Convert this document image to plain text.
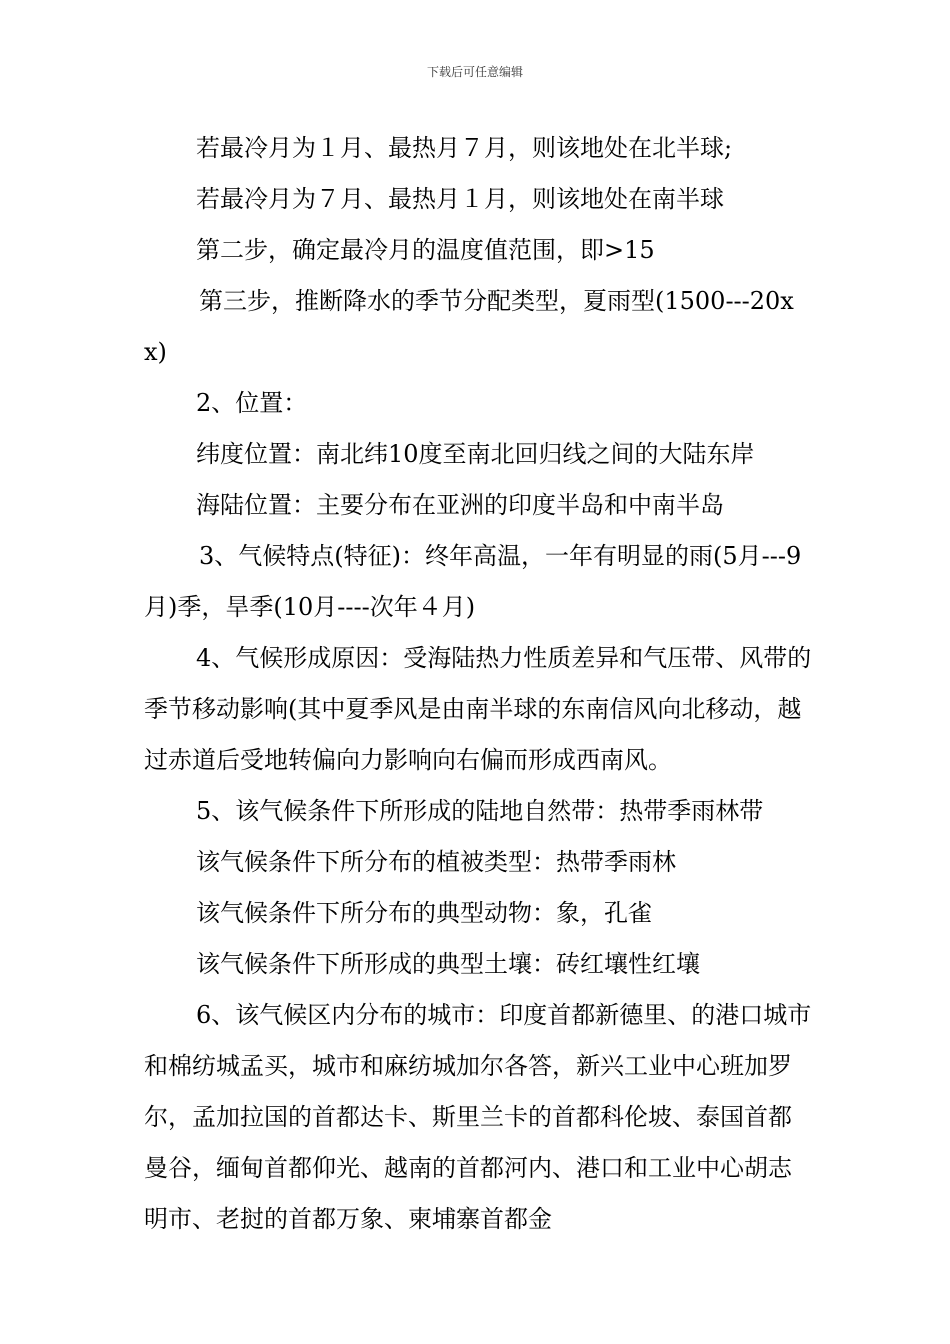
下载后可任意编辑

若最冷月为１月、最热月７月，则该地处在北半球;

若最冷月为７月、最热月１月，则该地处在南半球

第二步，确定最冷月的温度值范围，即>15

第三步，推断降水的季节分配类型，夏雨型(1500---20xx)

2、位置：

纬度位置：南北纬10度至南北回归线之间的大陆东岸

海陆位置：主要分布在亚洲的印度半岛和中南半岛

3、气候特点(特征)：终年高温，一年有明显的雨(5月---9月)季，旱季(10月----次年４月)

4、气候形成原因：受海陆热力性质差异和气压带、风带的季节移动影响(其中夏季风是由南半球的东南信风向北移动，越过赤道后受地转偏向力影响向右偏而形成西南风。

5、该气候条件下所形成的陆地自然带：热带季雨林带

该气候条件下所分布的植被类型：热带季雨林

该气候条件下所分布的典型动物：象，孔雀

该气候条件下所形成的典型土壤：砖红壤性红壤

6、该气候区内分布的城市：印度首都新德里、的港口城市和棉纺城孟买，城市和麻纺城加尔各答，新兴工业中心班加罗尔，孟加拉国的首都达卡、斯里兰卡的首都科伦坡、泰国首都曼谷，缅甸首都仰光、越南的首都河内、港口和工业中心胡志明市、老挝的首都万象、柬埔寨首都金
